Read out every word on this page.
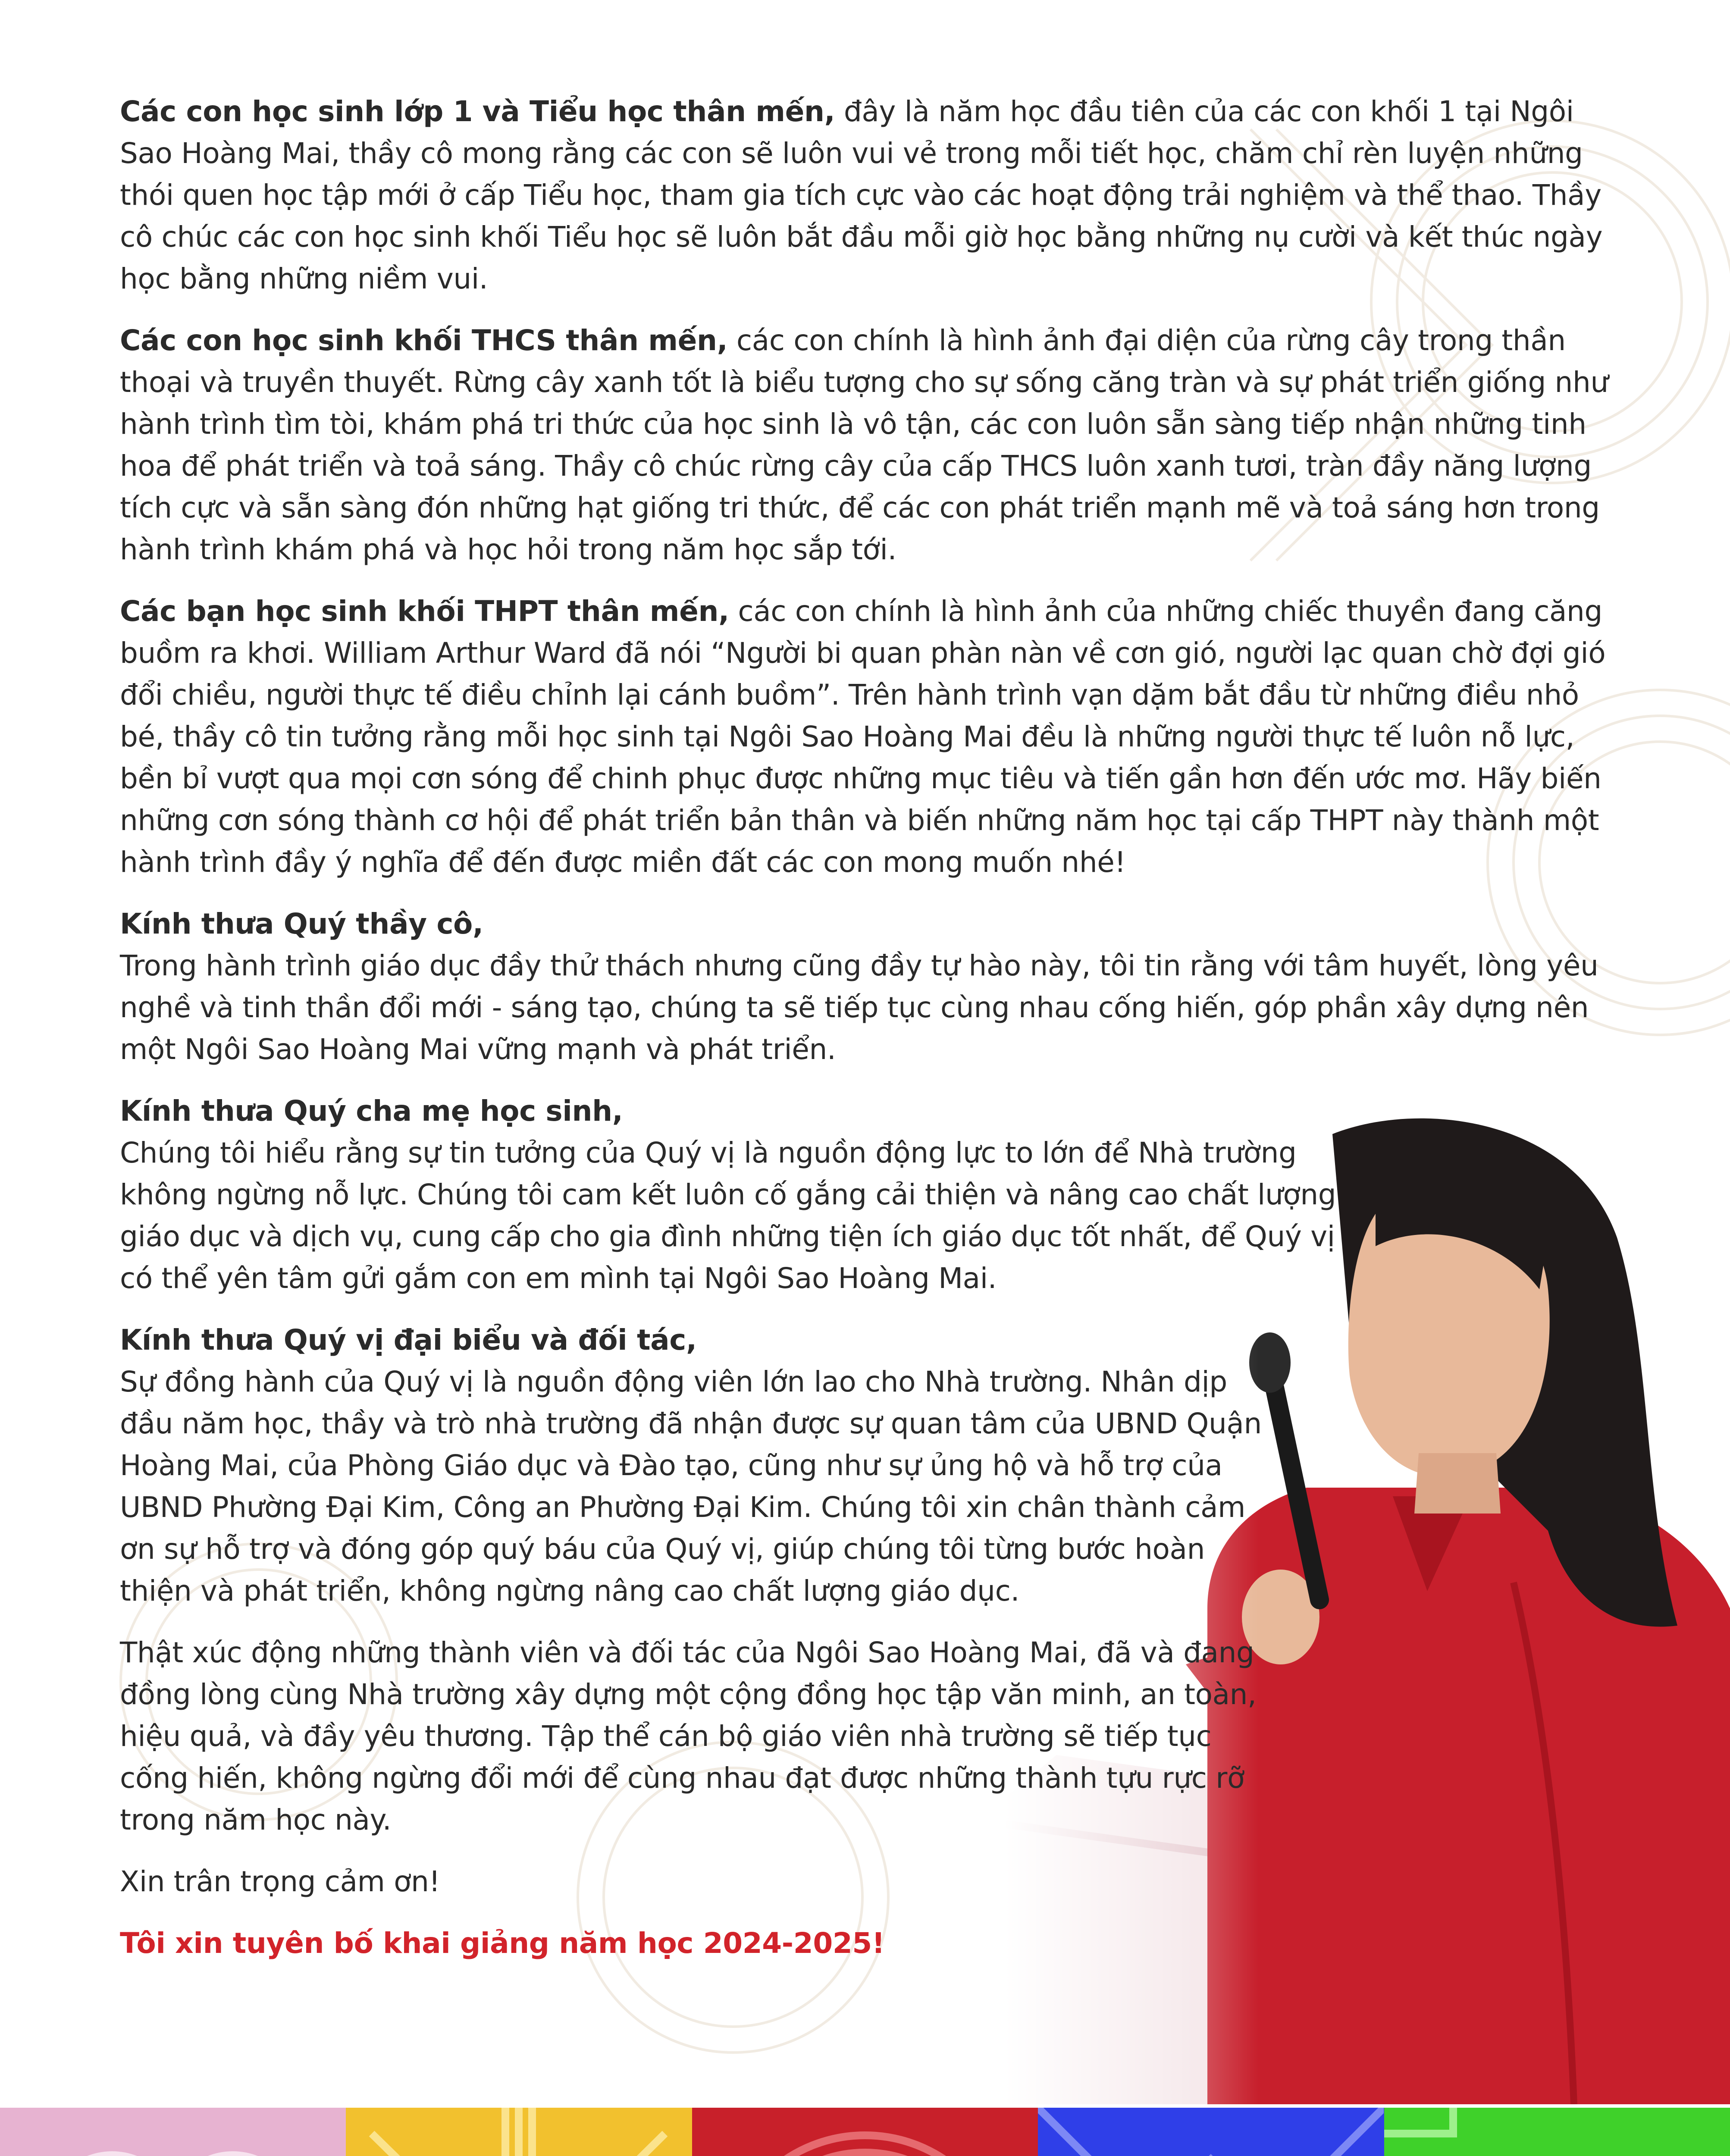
Các con học sinh lớp 1 và Tiểu học thân mến, đây là năm học đầu tiên của các con khối 1 tại Ngôi Sao Hoàng Mai, thầy cô mong rằng các con sẽ luôn vui vẻ trong mỗi tiết học, chăm chỉ rèn luyện những thói quen học tập mới ở cấp Tiểu học, tham gia tích cực vào các hoạt động trải nghiệm và thể thao. Thầy cô chúc các con học sinh khối Tiểu học sẽ luôn bắt đầu mỗi giờ học bằng những nụ cười và kết thúc ngày học bằng những niềm vui.

Các con học sinh khối THCS thân mến, các con chính là hình ảnh đại diện của rừng cây trong thần thoại và truyền thuyết. Rừng cây xanh tốt là biểu tượng cho sự sống căng tràn và sự phát triển giống như hành trình tìm tòi, khám phá tri thức của học sinh là vô tận, các con luôn sẵn sàng tiếp nhận những tinh hoa để phát triển và toả sáng. Thầy cô chúc rừng cây của cấp THCS luôn xanh tươi, tràn đầy năng lượng tích cực và sẵn sàng đón những hạt giống tri thức, để các con phát triển mạnh mẽ và toả sáng hơn trong hành trình khám phá và học hỏi trong năm học sắp tới.

Các bạn học sinh khối THPT thân mến, các con chính là hình ảnh của những chiếc thuyền đang căng buồm ra khơi. William Arthur Ward đã nói “Người bi quan phàn nàn về cơn gió, người lạc quan chờ đợi gió đổi chiều, người thực tế điều chỉnh lại cánh buồm”. Trên hành trình vạn dặm bắt đầu từ những điều nhỏ bé, thầy cô tin tưởng rằng mỗi học sinh tại Ngôi Sao Hoàng Mai đều là những người thực tế luôn nỗ lực, bền bỉ vượt qua mọi cơn sóng để chinh phục được những mục tiêu và tiến gần hơn đến ước mơ. Hãy biến những cơn sóng thành cơ hội để phát triển bản thân và biến những năm học tại cấp THPT này thành một hành trình đầy ý nghĩa để đến được miền đất các con mong muốn nhé!

Kính thưa Quý thầy cô,
Trong hành trình giáo dục đầy thử thách nhưng cũng đầy tự hào này, tôi tin rằng với tâm huyết, lòng yêu nghề và tinh thần đổi mới - sáng tạo, chúng ta sẽ tiếp tục cùng nhau cống hiến, góp phần xây dựng nên một Ngôi Sao Hoàng Mai vững mạnh và phát triển.

Kính thưa Quý cha mẹ học sinh,
Chúng tôi hiểu rằng sự tin tưởng của Quý vị là nguồn động lực to lớn để Nhà trường không ngừng nỗ lực. Chúng tôi cam kết luôn cố gắng cải thiện và nâng cao chất lượng giáo dục và dịch vụ, cung cấp cho gia đình những tiện ích giáo dục tốt nhất, để Quý vị có thể yên tâm gửi gắm con em mình tại Ngôi Sao Hoàng Mai.

Kính thưa Quý vị đại biểu và đối tác,
Sự đồng hành của Quý vị là nguồn động viên lớn lao cho Nhà trường. Nhân dịp đầu năm học, thầy và trò nhà trường đã nhận được sự quan tâm của UBND Quận Hoàng Mai, của Phòng Giáo dục và Đào tạo, cũng như sự ủng hộ và hỗ trợ của UBND Phường Đại Kim, Công an Phường Đại Kim. Chúng tôi xin chân thành cảm ơn sự hỗ trợ và đóng góp quý báu của Quý vị, giúp chúng tôi từng bước hoàn thiện và phát triển, không ngừng nâng cao chất lượng giáo dục.

Thật xúc động những thành viên và đối tác của Ngôi Sao Hoàng Mai, đã và đang đồng lòng cùng Nhà trường xây dựng một cộng đồng học tập văn minh, an toàn, hiệu quả, và đầy yêu thương. Tập thể cán bộ giáo viên nhà trường sẽ tiếp tục cống hiến, không ngừng đổi mới để cùng nhau đạt được những thành tựu rực rỡ trong năm học này.

Xin trân trọng cảm ơn!

Tôi xin tuyên bố khai giảng năm học 2024-2025!
